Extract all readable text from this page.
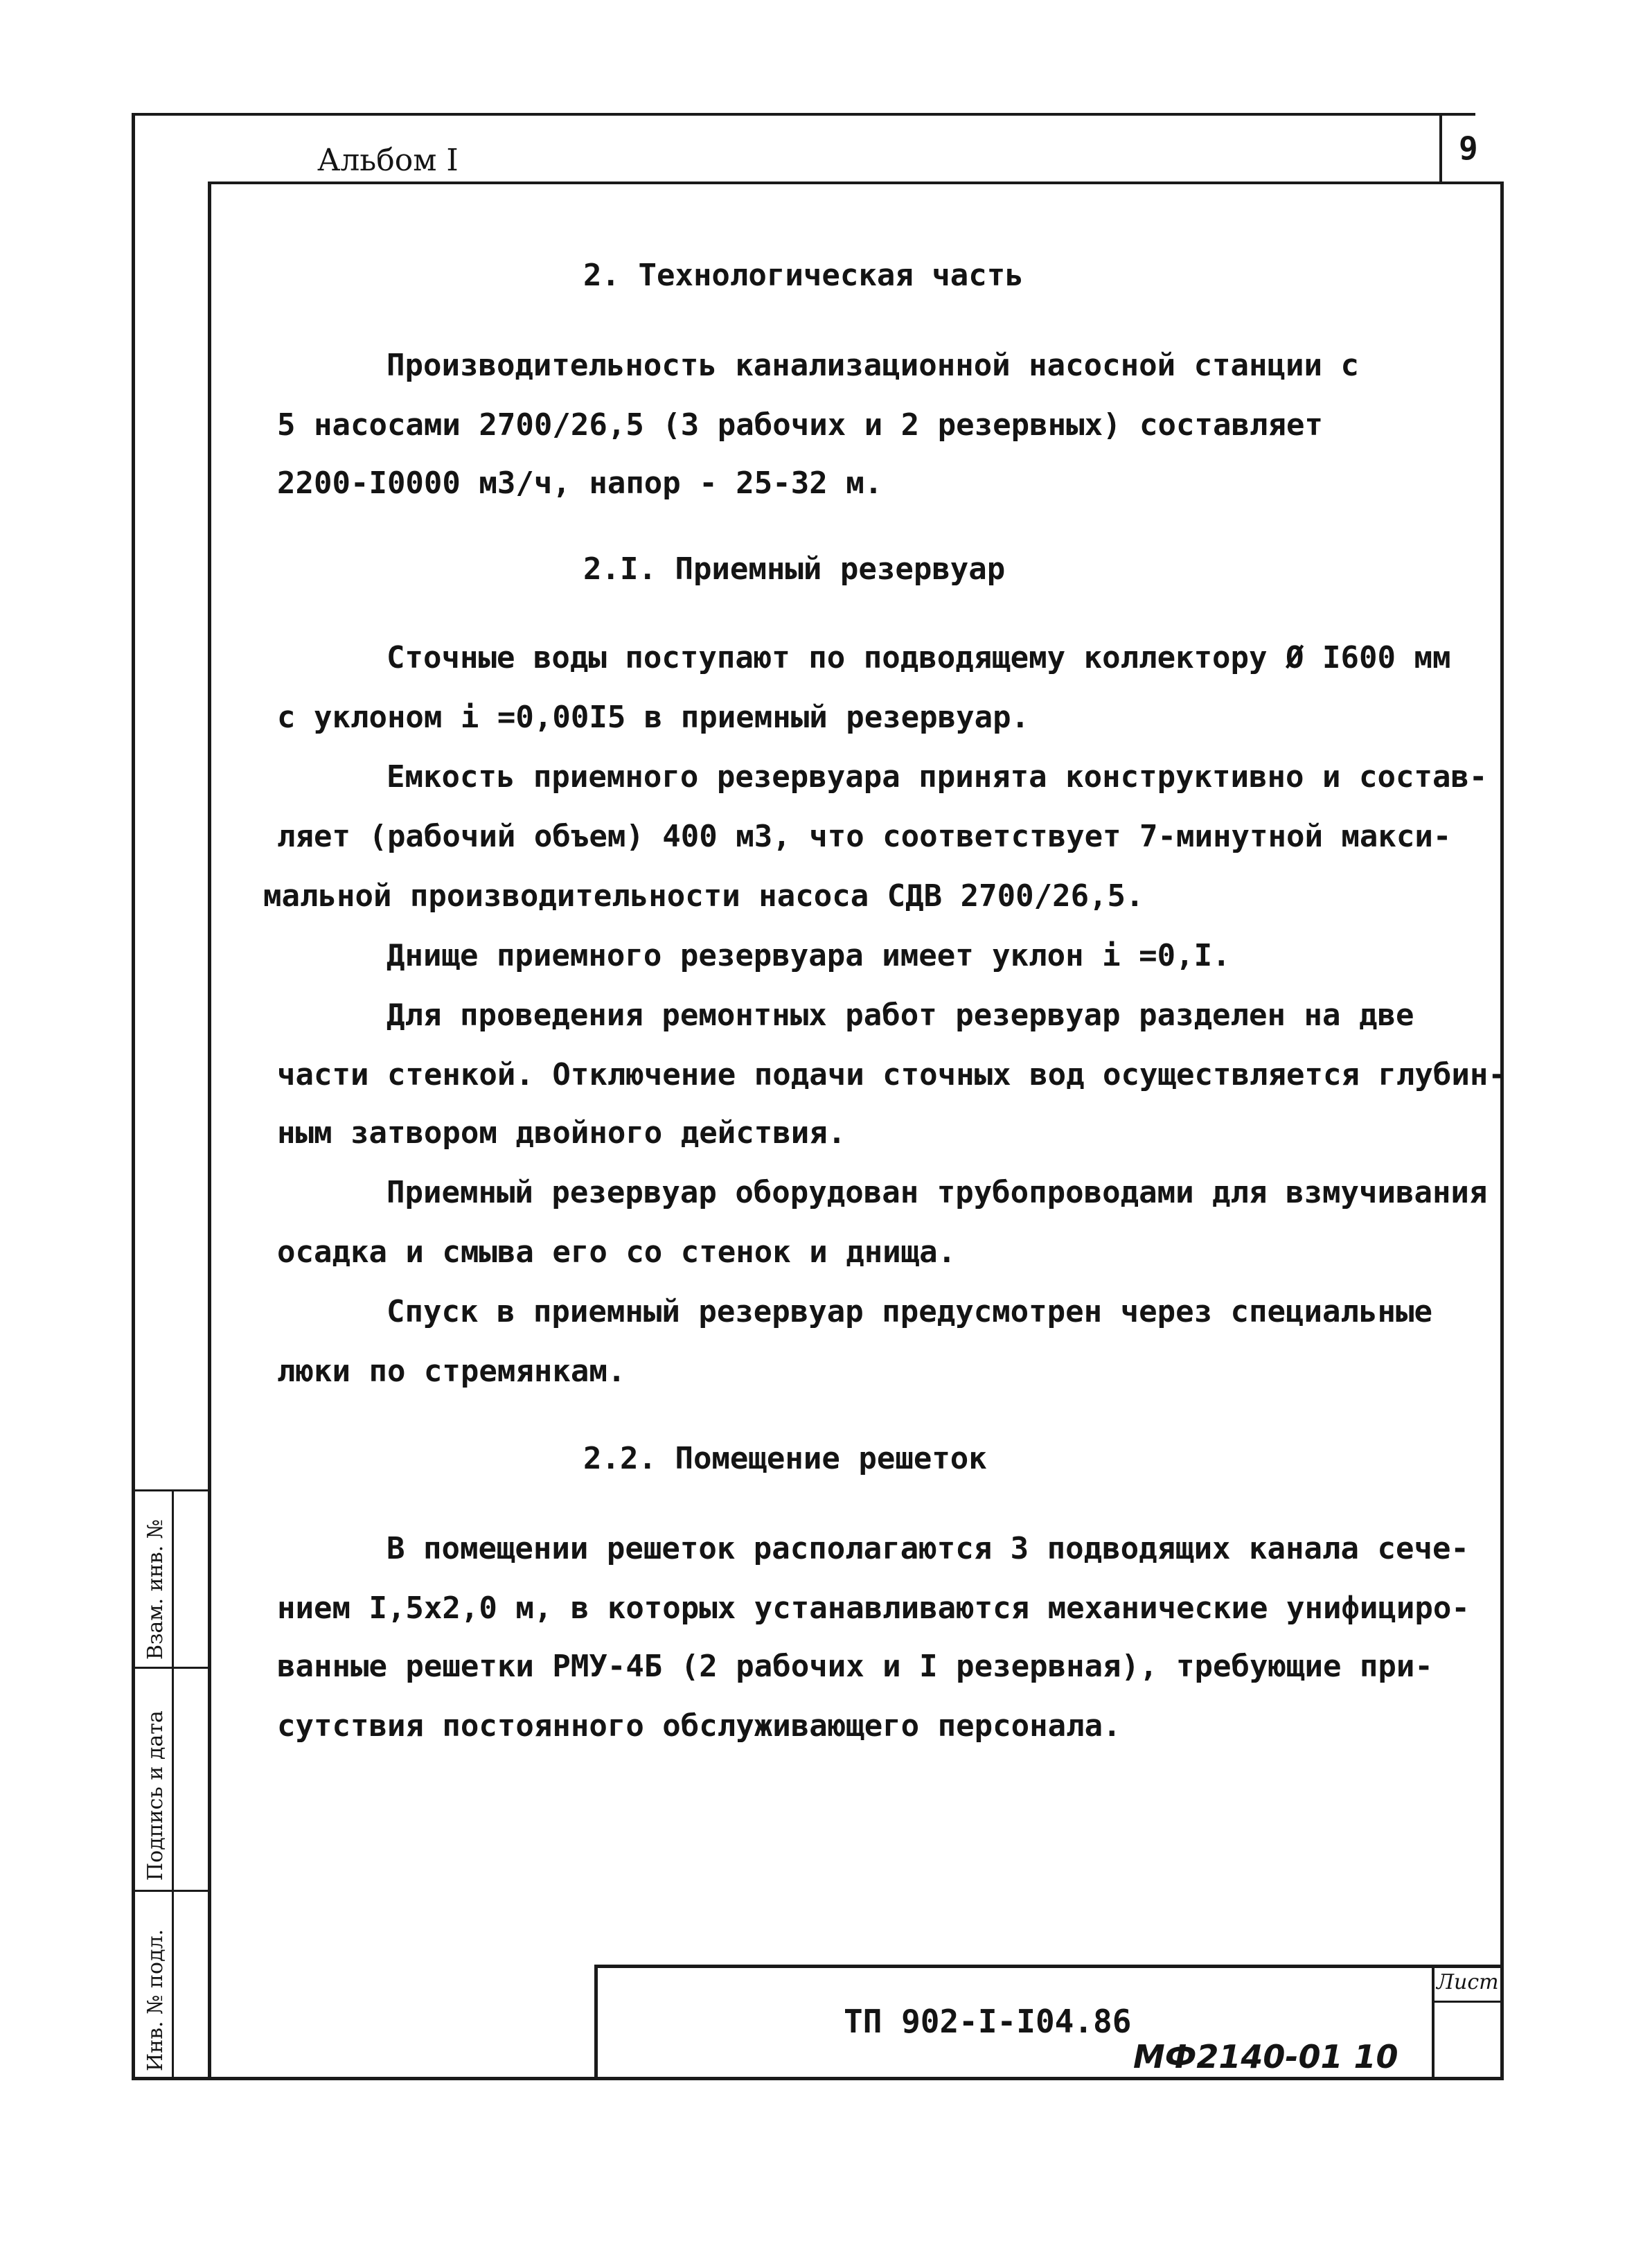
Взам. инв. №
Подпись и дата
Инв. № подл.	Лист
ТП 902-I-I04.86
Альбом I	9
2. Технологическая часть
Производительность канализационной насосной станции с
5 насосами 2700/26,5 (3 рабочих и 2 резервных) составляет
2200-I0000 м3/ч, напор - 25-32 м.
2.I. Приемный резервуар
Сточные воды поступают по подводящему коллектору Ø I600 мм
с уклоном i =0,00I5 в приемный резервуар.
Емкость приемного резервуара принята конструктивно и состав-
ляет (рабочий объем) 400 м3, что соответствует 7-минутной макси-
мальной производительности насоса СДВ 2700/26,5.
Днище приемного резервуара имеет уклон i =0,I.
Для проведения ремонтных работ резервуар разделен на две
части стенкой. Отключение подачи сточных вод осуществляется глубин-
ным затвором двойного действия.
Приемный резервуар оборудован трубопроводами для взмучивания
осадка и смыва его со стенок и днища.
Спуск в приемный резервуар предусмотрен через специальные
люки по стремянкам.
2.2. Помещение решеток
В помещении решеток располагаются 3 подводящих канала сече-
нием I,5х2,0 м, в которых устанавливаются механические унифициро-
ванные решетки РМУ-4Б (2 рабочих и I резервная), требующие при-
сутствия постоянного обслуживающего персонала.
МФ2140-01 10
